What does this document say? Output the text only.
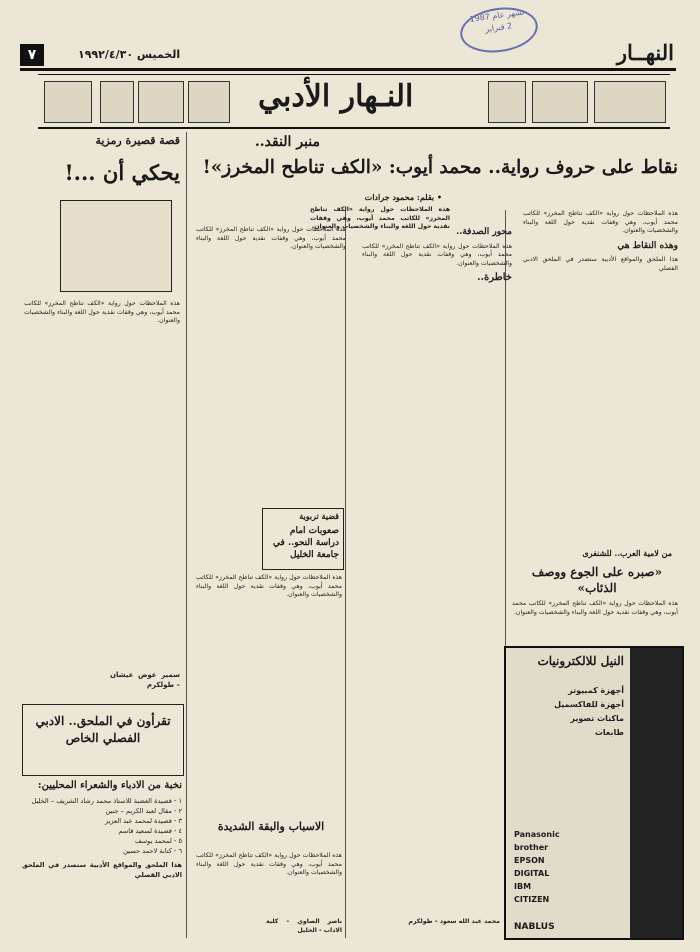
تشهر عام 1987
2 فبراير
النهــار
الخميس ١٩٩٢/٤/٣٠
٧
النـهار الأدبي
منبر النقد..
نقاط على حروف رواية.. محمد أيوب: «الكف تناطح المخرز»!
• بقلم: محمود جرادات
هذه الملاحظات حول رواية «الكف تناطح المخرز» للكاتب محمد أيوب، وهي وقفات نقدية حول اللغة والبناء والشخصيات والعنوان.
هذه الملاحظات حول رواية «الكف تناطح المخرز» للكاتب محمد أيوب، وهي وقفات نقدية حول اللغة والبناء والشخصيات والعنوان.
وهذه النقاط هي
هذا الملحق والمواقع الأدبية ستصدر في الملحق الادبي الفصلي
محور الصدفة..
هذه الملاحظات حول رواية «الكف تناطح المخرز» للكاتب محمد أيوب، وهي وقفات نقدية حول اللغة والبناء والشخصيات والعنوان.
خاطرة..
هذه الملاحظات حول رواية «الكف تناطح المخرز» للكاتب محمد أيوب، وهي وقفات نقدية حول اللغة والبناء والشخصيات والعنوان.
قصة قصيرة رمزية
يحكي أن ...!
هذه الملاحظات حول رواية «الكف تناطح المخرز» للكاتب محمد أيوب، وهي وقفات نقدية حول اللغة والبناء والشخصيات والعنوان.
سمير عوض عيشان – طولكرم
تقرأون في الملحق.. الادبي الفصلي الخاص
نخبة من الادباء والشعراء المحليين:
١ - قصيدة الغضبة للاستاذ محمد رشاد الشريف – الخليل
٢ - مقال لعبد الكريم – جنين
٣ - قصيدة لمحمد عبد العزيز
٤ - قصيدة لسعيد قاسم
٥ - لمحمد يوسف
٦ - كتابة لاحمد حسين
هذا الملحق والمواقع الأدبية ستصدر في الملحق الادبي الفصلي
قضية تربوية
صعوبات امام دراسة النحو.. في جامعة الخليل
هذه الملاحظات حول رواية «الكف تناطح المخرز» للكاتب محمد أيوب، وهي وقفات نقدية حول اللغة والبناء والشخصيات والعنوان.
الاسباب والبقة الشديدة
هذه الملاحظات حول رواية «الكف تناطح المخرز» للكاتب محمد أيوب، وهي وقفات نقدية حول اللغة والبناء والشخصيات والعنوان.
ناصر الصاوي – كلية الاداب - الخليل
من لامية العرب.. للشنفرى
«صبره على الجوع ووصف الذئاب»
هذه الملاحظات حول رواية «الكف تناطح المخرز» للكاتب محمد أيوب، وهي وقفات نقدية حول اللغة والبناء والشخصيات والعنوان.
النيل للالكترونيات
أجهزة كمبيوتر
أجهزة للفاكسميل
ماكنات تصوير
طابعات
Panasonic
brother
EPSON
DIGITAL
IBM
CITIZEN
NABLUS
محمد عبد الله سعود – طولكرم
